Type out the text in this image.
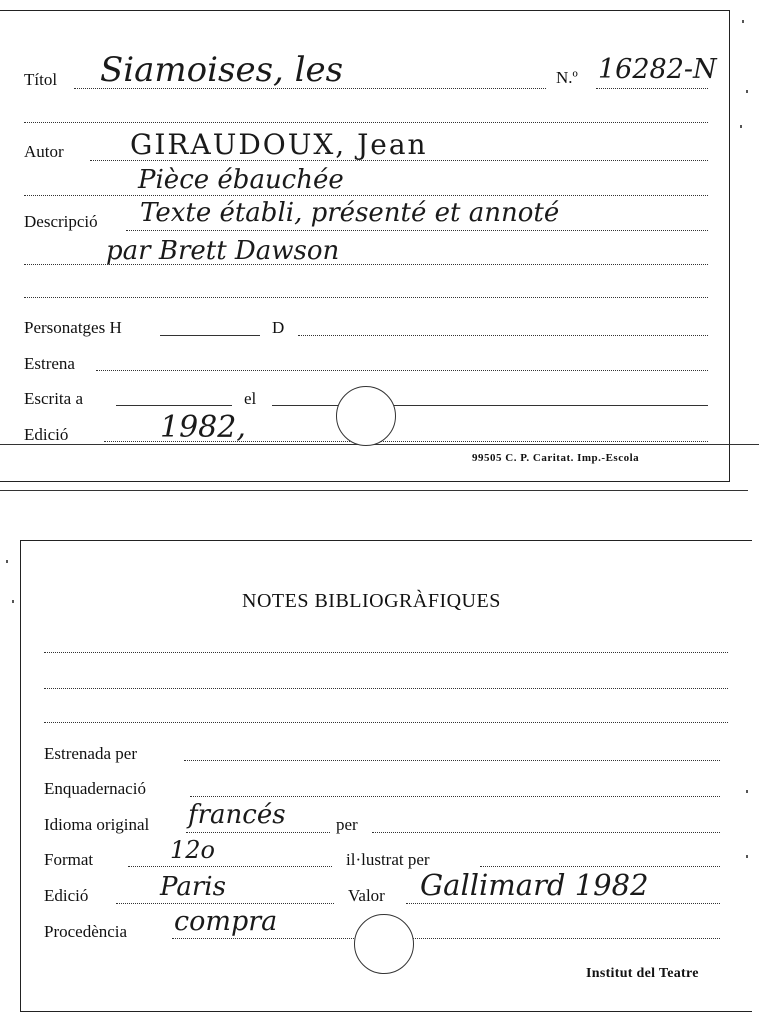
Títol Siamoises, les	N.º 16282-N
Autor GIRAUDOUX, Jean
Pièce ébauchée
Descripció Texte établi, présenté et annoté
par Brett Dawson
Personatges H	D
Estrena
Escrita a	el
Edició	1982,
99505 C. P. Caritat. Imp.-Escola
NOTES BIBLIOGRÀFIQUES
Estrenada per
Enquadernació
Idioma original francés	per
Format	12o	il·lustrat per
Edició	Paris	Valor Gallimard 1982
Procedència compra
Institut del Teatre
